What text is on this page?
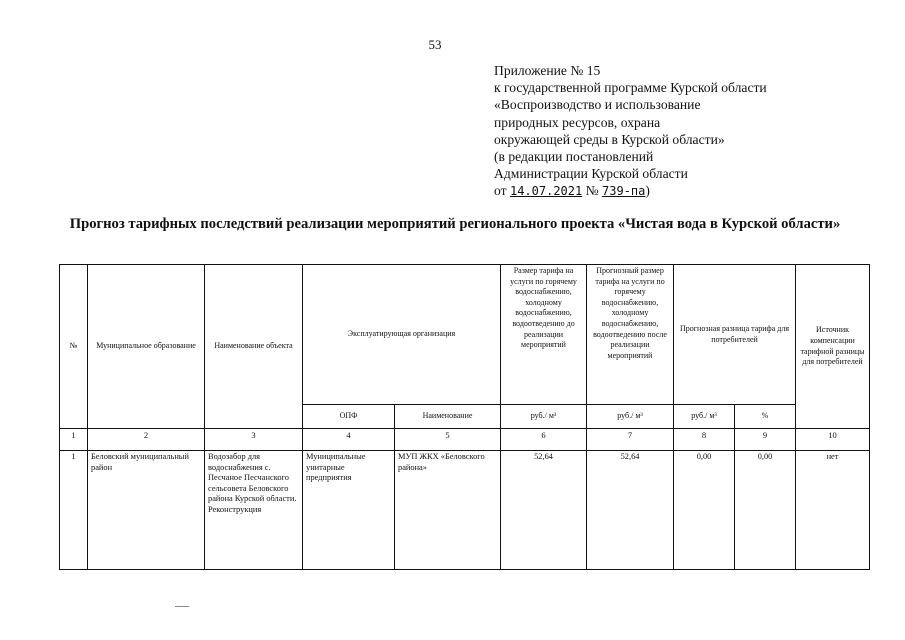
53
Приложение № 15
к государственной программе Курской области
«Воспроизводство и использование
природных ресурсов, охрана
окружающей среды в Курской области»
(в редакции постановлений
Администрации Курской области
от 14.07.2021 № 739-па)
Прогноз тарифных последствий реализации мероприятий регионального проекта «Чистая вода в Курской области»
№	Муниципальное образование	Наименование объекта	Эксплуатирующая организация		Размер тарифа на услуги по горячему водоснабжению, холодному водоснабжению, водоотведению до реализации мероприятий	Прогнозный размер тарифа на услуги по горячему водоснабжению, холодному водоснабжению, водоотведению после реализации мероприятий	Прогнозная разница тарифа для потребителей		Источник компенсации тарифной разницы для потребителей
			ОПФ	Наименование	руб./ м³	руб./ м³	руб./ м³	%	
1	2	3	4	5	6	7	8	9	10
1	Беловский муниципальный район	Водозабор для водоснабжения с. Песчаное Песчанского сельсовета Беловского района Курской области. Реконструкция	Муниципальные унитарные предприятия	МУП ЖКХ «Беловского района»	52,64	52,64	0,00	0,00	нет
